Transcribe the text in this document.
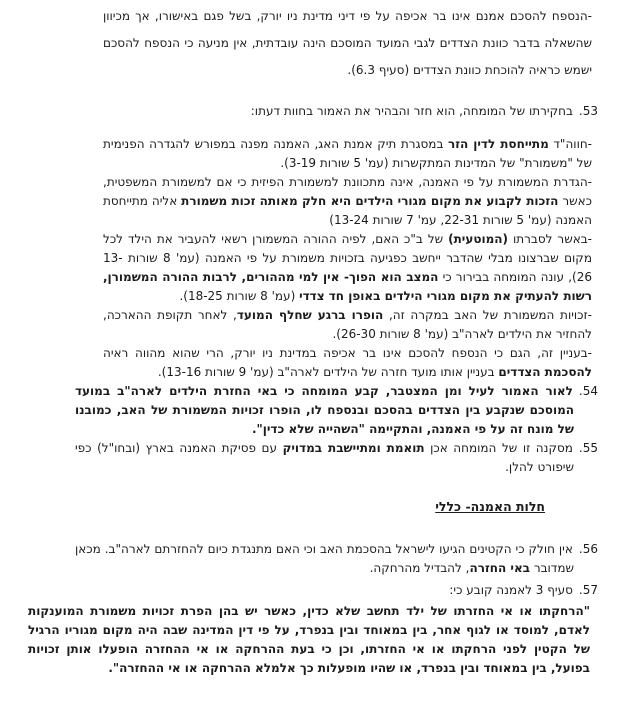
-הנספח להסכם אמנם אינו בר אכיפה על פי דיני מדינת ניו יורק, בשל פגם באישורו, אך מכיוון שהשאלה בדבר כוונת הצדדים לגבי המועד המוסכם הינה עובדתית, אין מניעה כי הנספח להסכם ישמש כראיה להוכחת כוונת הצדדים (סעיף 6.3).

53.בחקירתו של המומחה, הוא חזר והבהיר את האמור בחוות דעתו:

-חווה"ד מתייחסת לדין הזר במסגרת תיק אמנת האג, האמנה מפנה במפורש להגדרה הפנימית של "משמורת" של המדינות המתקשרות (עמ' 5 שורות 3-19).

-הגדרת המשמורת על פי האמנה, אינה מתכוונת למשמורת הפיזית כי אם למשמורת המשפטית, כאשר הזכות לקבוע את מקום מגורי הילדים היא חלק מאותה זכות משמורת אליה מתייחסת האמנה (עמ' 5 שורות 22-31, עמ' 7 שורות 13-24)

-באשר לסברתו (המוטעית) של ב"כ האם, לפיה ההורה המשמורן רשאי להעביר את הילד לכל מקום שברצונו מבלי שהדבר ייחשב כפגיעה בזכויות משמורת על פי האמנה (עמ' 8 שורות 13-26), עונה המומחה בבירור כי המצב הוא הפוך- אין למי מההורים, לרבות ההורה המשמורן, רשות להעתיק את מקום מגורי הילדים באופן חד צדדי (עמ' 8 שורות 18-25).

-זכויות המשמורת של האב במקרה זה, הופרו ברגע שחלף המועד, לאחר תקופת ההארכה, להחזיר את הילדים לארה"ב (עמ' 8 שורות 26-30).

-בעניין זה, הגם כי הנספח להסכם אינו בר אכיפה במדינת ניו יורק, הרי שהוא מהווה ראיה להסכמת הצדדים בעניין אותו מועד חזרה של הילדים לארה"ב (עמ' 9 שורות 13-16).

54.לאור האמור לעיל ומן המצטבר, קבע המומחה כי באי החזרת הילדים לארה"ב במועד המוסכם שנקבע בין הצדדים בהסכם ובנספח לו, הופרו זכויות המשמורת של האב, כמובנו של מונח זה על פי האמנה, והתקיימה "השהייה שלא כדין".

55.מסקנה זו של המומחה אכן תואמת ומתיישבת במדויק עם פסיקת האמנה בארץ (ובחו"ל) כפי שיפורט להלן.

חלות האמנה- כללי

56.אין חולק כי הקטינים הגיעו לישראל בהסכמת האב וכי האם מתנגדת כיום להחזרתם לארה"ב. מכאן שמדובר באי החזרה, להבדיל מהרחקה.

57.סעיף 3 לאמנה קובע כי:

"הרחקתו או אי החזרתו של ילד תחשב שלא כדין, כאשר יש בהן הפרת זכויות משמורת המוענקות לאדם, למוסד או לגוף אחר, בין במאוחד ובין בנפרד, על פי דין המדינה שבה היה מקום מגוריו הרגיל של הקטין לפני הרחקתו או אי החזרתו, וכן כי בעת ההרחקה או אי ההחזרה הופעלו אותן זכויות בפועל, בין במאוחד ובין בנפרד, או שהיו מופעלות כך אלמלא ההרחקה או אי ההחזרה".
